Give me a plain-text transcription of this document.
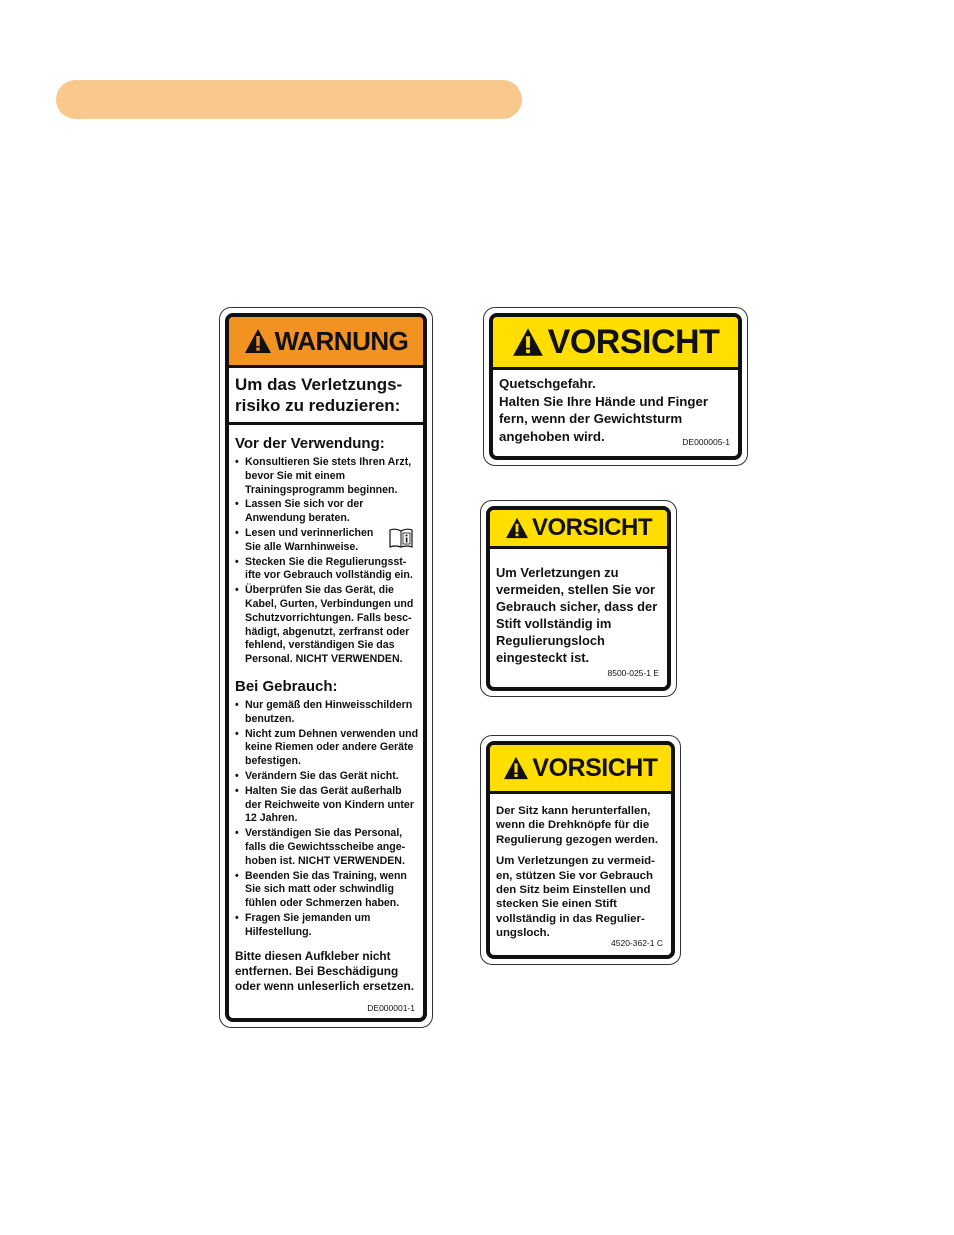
WARNUNG
Um das Verletzungs-
risiko zu reduzieren:
Vor der Verwendung:
• Konsultieren Sie stets Ihren Arzt, bevor Sie mit einem Trainingsprogramm beginnen.
• Lassen Sie sich vor der Anwendung beraten.
• Lesen und verinnerlichen Sie alle Warnhinweise.
• Stecken Sie die Regulierungsst-ifte vor Gebrauch vollständig ein.
• Überprüfen Sie das Gerät, die Kabel, Gurten, Verbindungen und Schutzvorrichtungen. Falls besc-hädigt, abgenutzt, zerfranst oder fehlend, verständigen Sie das Personal. NICHT VERWENDEN.
Bei Gebrauch:
• Nur gemäß den Hinweisschildern benutzen.
• Nicht zum Dehnen verwenden und keine Riemen oder andere Geräte befestigen.
• Verändern Sie das Gerät nicht.
• Halten Sie das Gerät außerhalb der Reichweite von Kindern unter 12 Jahren.
• Verständigen Sie das Personal, falls die Gewichtsscheibe ange-hoben ist. NICHT VERWENDEN.
• Beenden Sie das Training, wenn Sie sich matt oder schwindlig fühlen oder Schmerzen haben.
• Fragen Sie jemanden um Hilfestellung.
Bitte diesen Aufkleber nicht entfernen. Bei Beschädigung oder wenn unleserlich ersetzen.
DE000001-1
VORSICHT
Quetschgefahr.
Halten Sie Ihre Hände und Finger
fern, wenn der Gewichtsturm
angehoben wird.	DE000005-1
VORSICHT
Um Verletzungen zu vermeiden, stellen Sie vor Gebrauch sicher, dass der Stift vollständig im Regulierungsloch eingesteckt ist.
8500-025-1 E
VORSICHT

Der Sitz kann herunterfallen, wenn die Drehknöpfe für die Regulierung gezogen werden.

Um Verletzungen zu vermeid-en, stützen Sie vor Gebrauch den Sitz beim Einstellen und stecken Sie einen Stift vollständig in das Regulier-ungsloch.

4520-362-1 C
